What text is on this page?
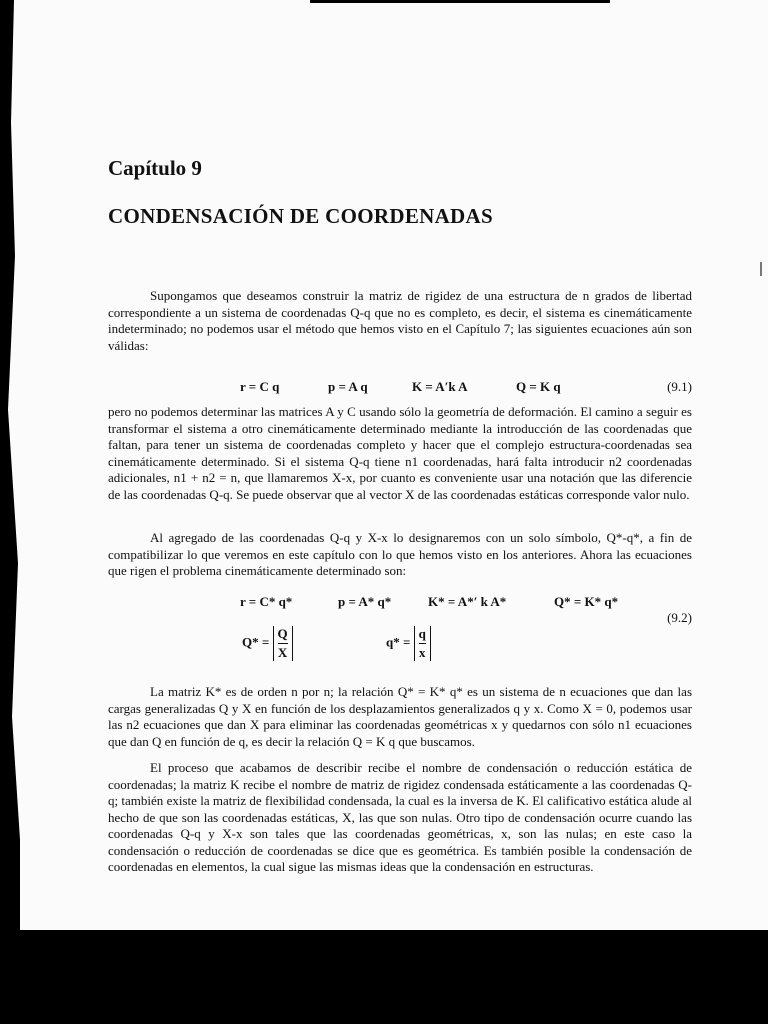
Capítulo 9
CONDENSACIÓN DE COORDENADAS

Supongamos que deseamos construir la matriz de rigidez de una estructura de n grados de libertad correspondiente a un sistema de coordenadas Q-q que no es completo, es decir, el sistema es cinemáticamente indeterminado; no podemos usar el método que hemos visto en el Capítulo 7; las siguientes ecuaciones aún son válidas:

r = C q	p = A q	K = A′k A	Q = K q	(9.1)

pero no podemos determinar las matrices A y C usando sólo la geometría de deformación. El camino a seguir es transformar el sistema a otro cinemáticamente determinado mediante la introducción de las coordenadas que faltan, para tener un sistema de coordenadas completo y hacer que el complejo estructura-coordenadas sea cinemáticamente determinado. Si el sistema Q-q tiene n1 coordenadas, hará falta introducir n2 coordenadas adicionales, n1 + n2 = n, que llamaremos X-x, por cuanto es conveniente usar una notación que las diferencie de las coordenadas Q-q. Se puede observar que al vector X de las coordenadas estáticas corresponde valor nulo.

Al agregado de las coordenadas Q-q y X-x lo designaremos con un solo símbolo, Q*-q*, a fin de compatibilizar lo que veremos en este capítulo con lo que hemos visto en los anteriores. Ahora las ecuaciones que rigen el problema cinemáticamente determinado son:

r = C* q*	p = A* q*	K* = A*′ k A*	Q* = K* q*
(9.2)
$Q* = \frac{Q}{X}$	$q* = \frac{q}{x}$

La matriz K* es de orden n por n; la relación Q* = K* q* es un sistema de n ecuaciones que dan las cargas generalizadas Q y X en función de los desplazamientos generalizados q y x. Como X = 0, podemos usar las n2 ecuaciones que dan X para eliminar las coordenadas geométricas x y quedarnos con sólo n1 ecuaciones que dan Q en función de q, es decir la relación Q = K q que buscamos.

El proceso que acabamos de describir recibe el nombre de condensación o reducción estática de coordenadas; la matriz K recibe el nombre de matriz de rigidez condensada estáticamente a las coordenadas Q-q; también existe la matriz de flexibilidad condensada, la cual es la inversa de K. El calificativo estática alude al hecho de que son las coordenadas estáticas, X, las que son nulas. Otro tipo de condensación ocurre cuando las coordenadas Q-q y X-x son tales que las coordenadas geométricas, x, son las nulas; en este caso la condensación o reducción de coordenadas se dice que es geométrica. Es también posible la condensación de coordenadas en elementos, la cual sigue las mismas ideas que la condensación en estructuras.
